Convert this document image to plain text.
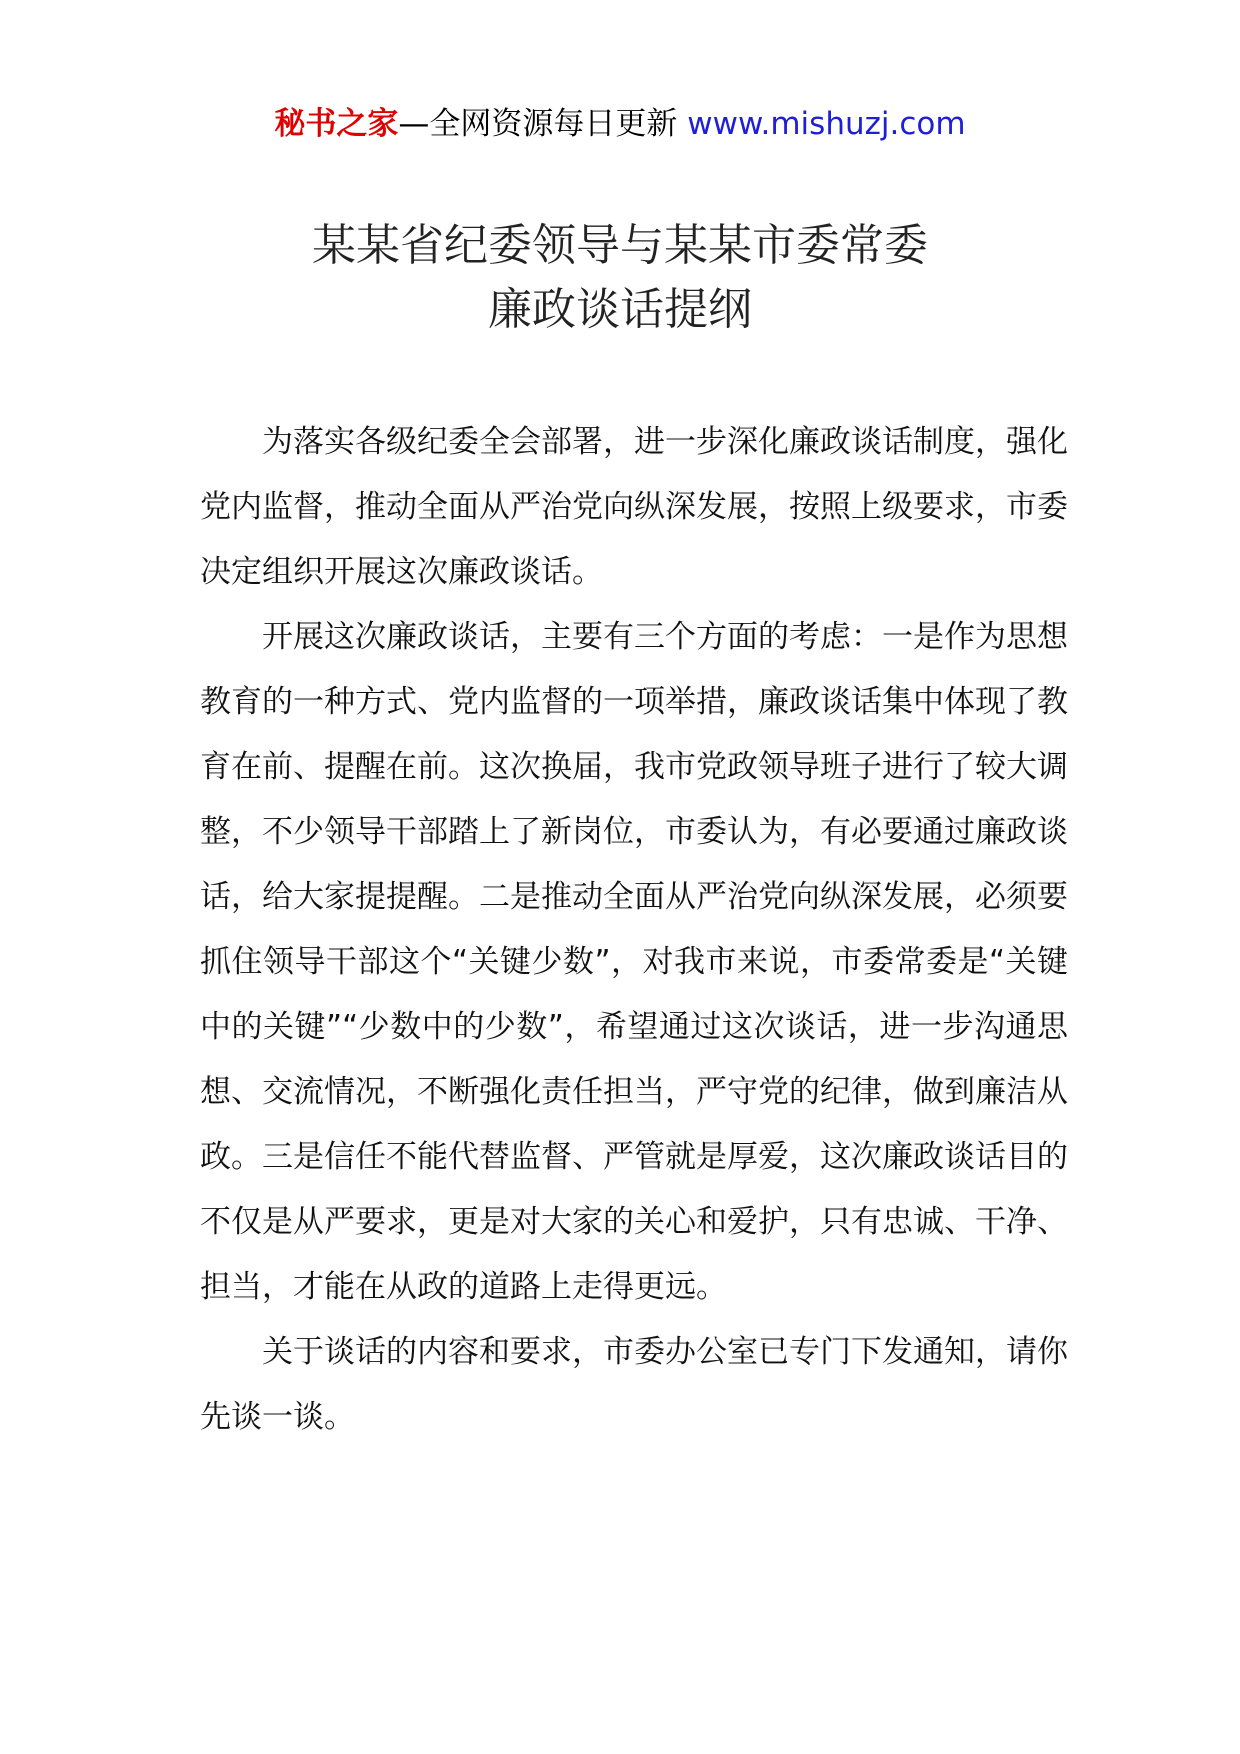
秘书之家—全网资源每日更新 www.mishuzj.com
某某省纪委领导与某某市委常委
廉政谈话提纲

为落实各级纪委全会部署，进一步深化廉政谈话制度，强化党内监督，推动全面从严治党向纵深发展，按照上级要求，市委决定组织开展这次廉政谈话。

开展这次廉政谈话，主要有三个方面的考虑：一是作为思想教育的一种方式、党内监督的一项举措，廉政谈话集中体现了教育在前、提醒在前。这次换届，我市党政领导班子进行了较大调整，不少领导干部踏上了新岗位，市委认为，有必要通过廉政谈话，给大家提提醒。二是推动全面从严治党向纵深发展，必须要抓住领导干部这个“关键少数”，对我市来说，市委常委是“关键中的关键”“少数中的少数”，希望通过这次谈话，进一步沟通思想、交流情况，不断强化责任担当，严守党的纪律，做到廉洁从政。三是信任不能代替监督、严管就是厚爱，这次廉政谈话目的不仅是从严要求，更是对大家的关心和爱护，只有忠诚、干净、担当，才能在从政的道路上走得更远。

关于谈话的内容和要求，市委办公室已专门下发通知，请你先谈一谈。
